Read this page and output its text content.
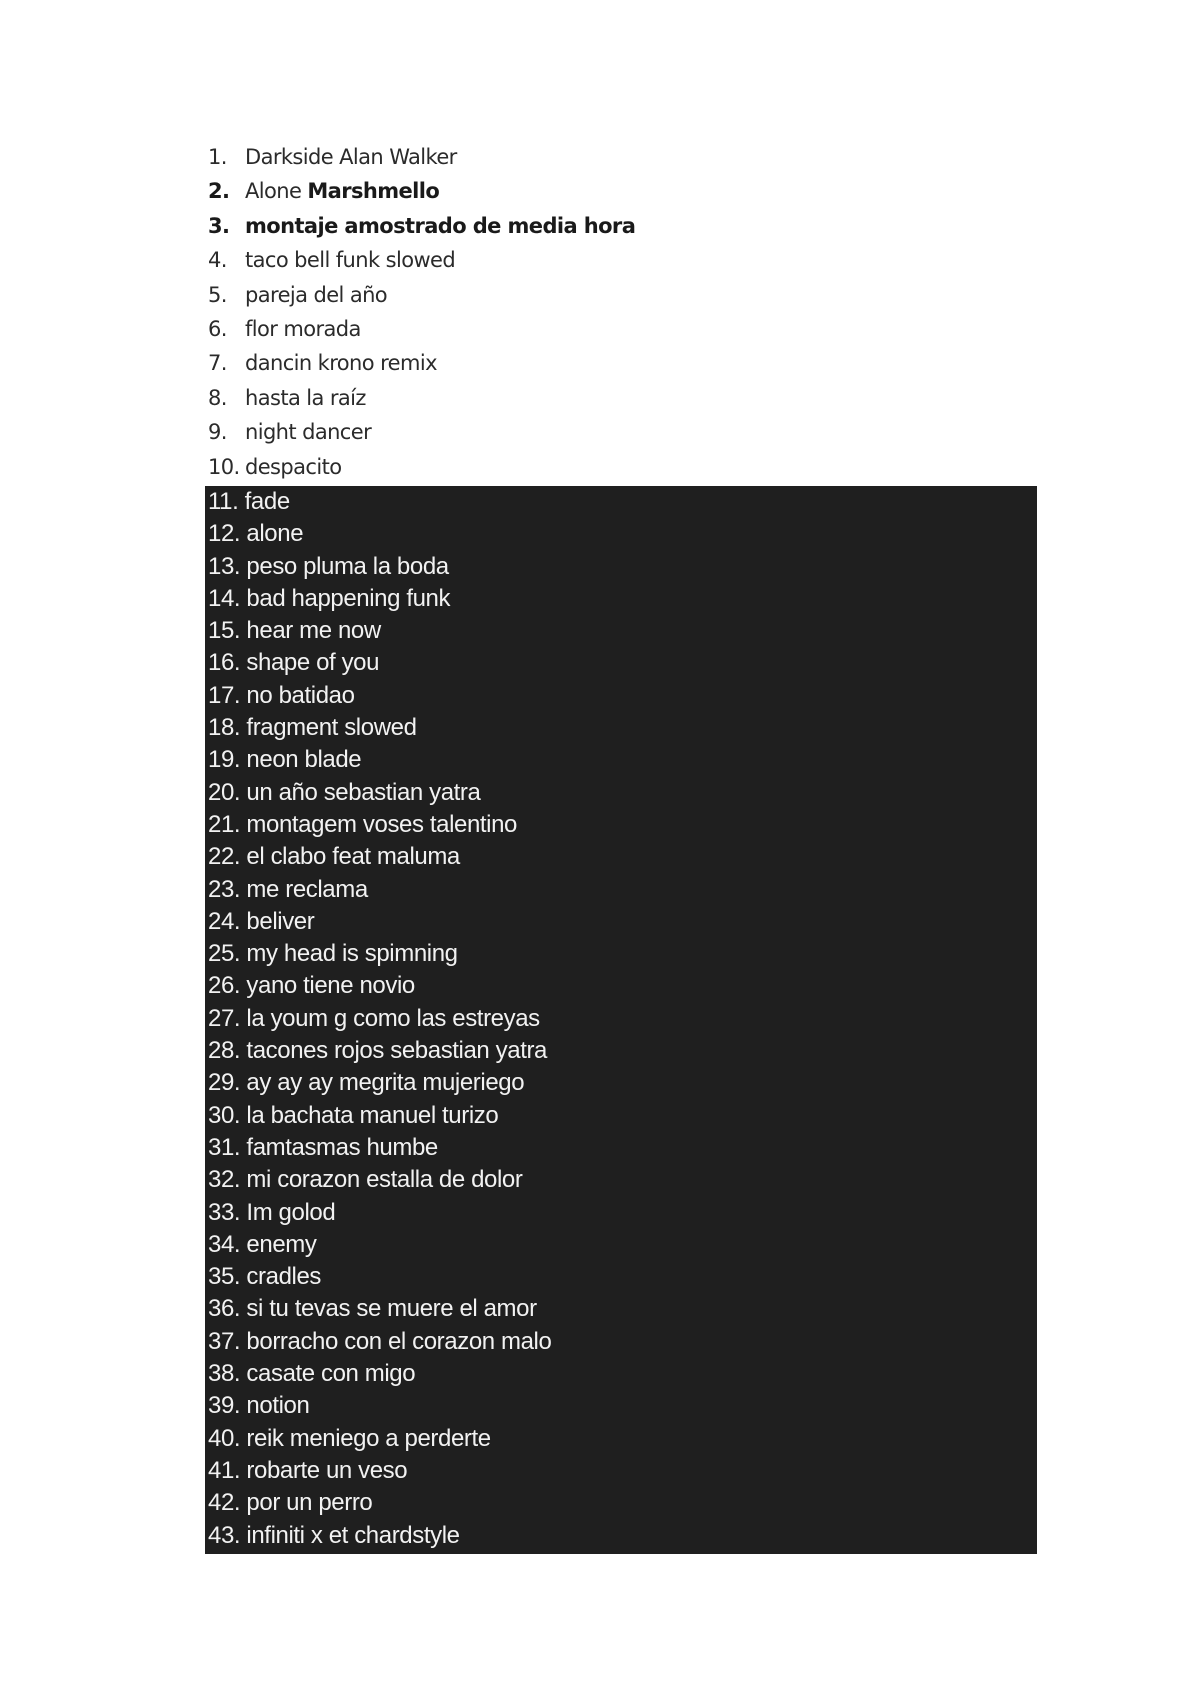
1. Darkside Alan Walker
2. Alone Marshmello
3. montaje amostrado de media hora
4. taco bell funk slowed
5. pareja del año
6. flor morada
7. dancin krono remix
8. hasta la raíz
9. night dancer
10. despacito
11. fade
12. alone
13. peso pluma la boda
14. bad happening funk
15. hear me now
16. shape of you
17. no batidao
18. fragment slowed
19. neon blade
20. un año sebastian yatra
21. montagem voses talentino
22. el clabo feat maluma
23. me reclama
24. beliver
25. my head is spimning
26. yano tiene novio
27. la youm g como las estreyas
28. tacones rojos sebastian yatra
29. ay ay ay megrita mujeriego
30. la bachata manuel turizo
31. famtasmas humbe
32. mi corazon estalla de dolor
33. Im golod
34. enemy
35. cradles
36. si tu tevas se muere el amor
37. borracho con el corazon malo
38. casate con migo
39. notion
40. reik meniego a perderte
41. robarte un veso
42. por un perro
43. infiniti x et chardstyle
